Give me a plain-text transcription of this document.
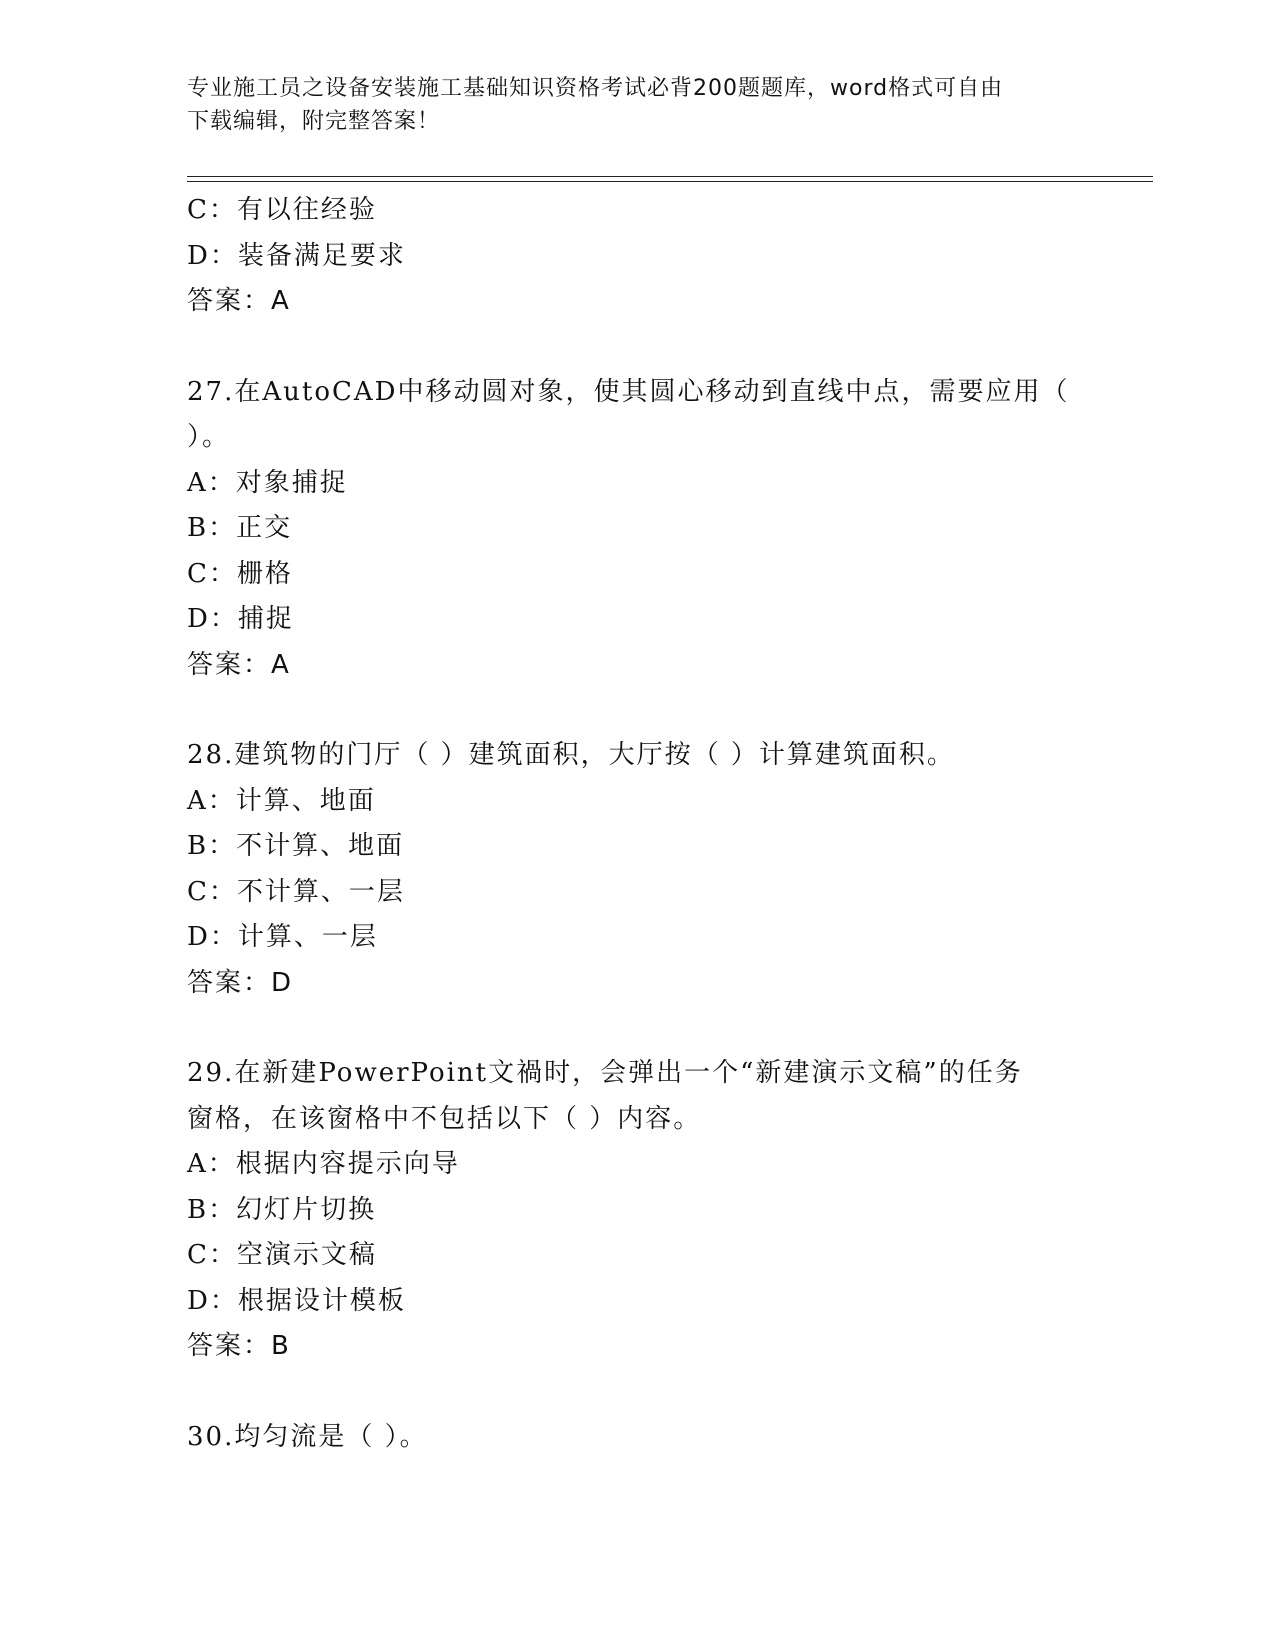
专业施工员之设备安装施工基础知识资格考试必背200题题库，word格式可自由
下载编辑，附完整答案！
C：有以往经验
D：装备满足要求
答案：A
27.在AutoCAD中移动圆对象，使其圆心移动到直线中点，需要应用（
）。
A：对象捕捉
B：正交
C：栅格
D：捕捉
答案：A
28.建筑物的门厅（ ）建筑面积，大厅按（ ）计算建筑面积。
A：计算、地面
B：不计算、地面
C：不计算、一层
D：计算、一层
答案：D
29.在新建PowerPoint文禍时，会弹出一个“新建演示文稿”的任务
窗格，在该窗格中不包括以下（ ）内容。
A：根据内容提示向导
B：幻灯片切换
C：空演示文稿
D：根据设计模板
答案：B
30.均匀流是（ ）。
